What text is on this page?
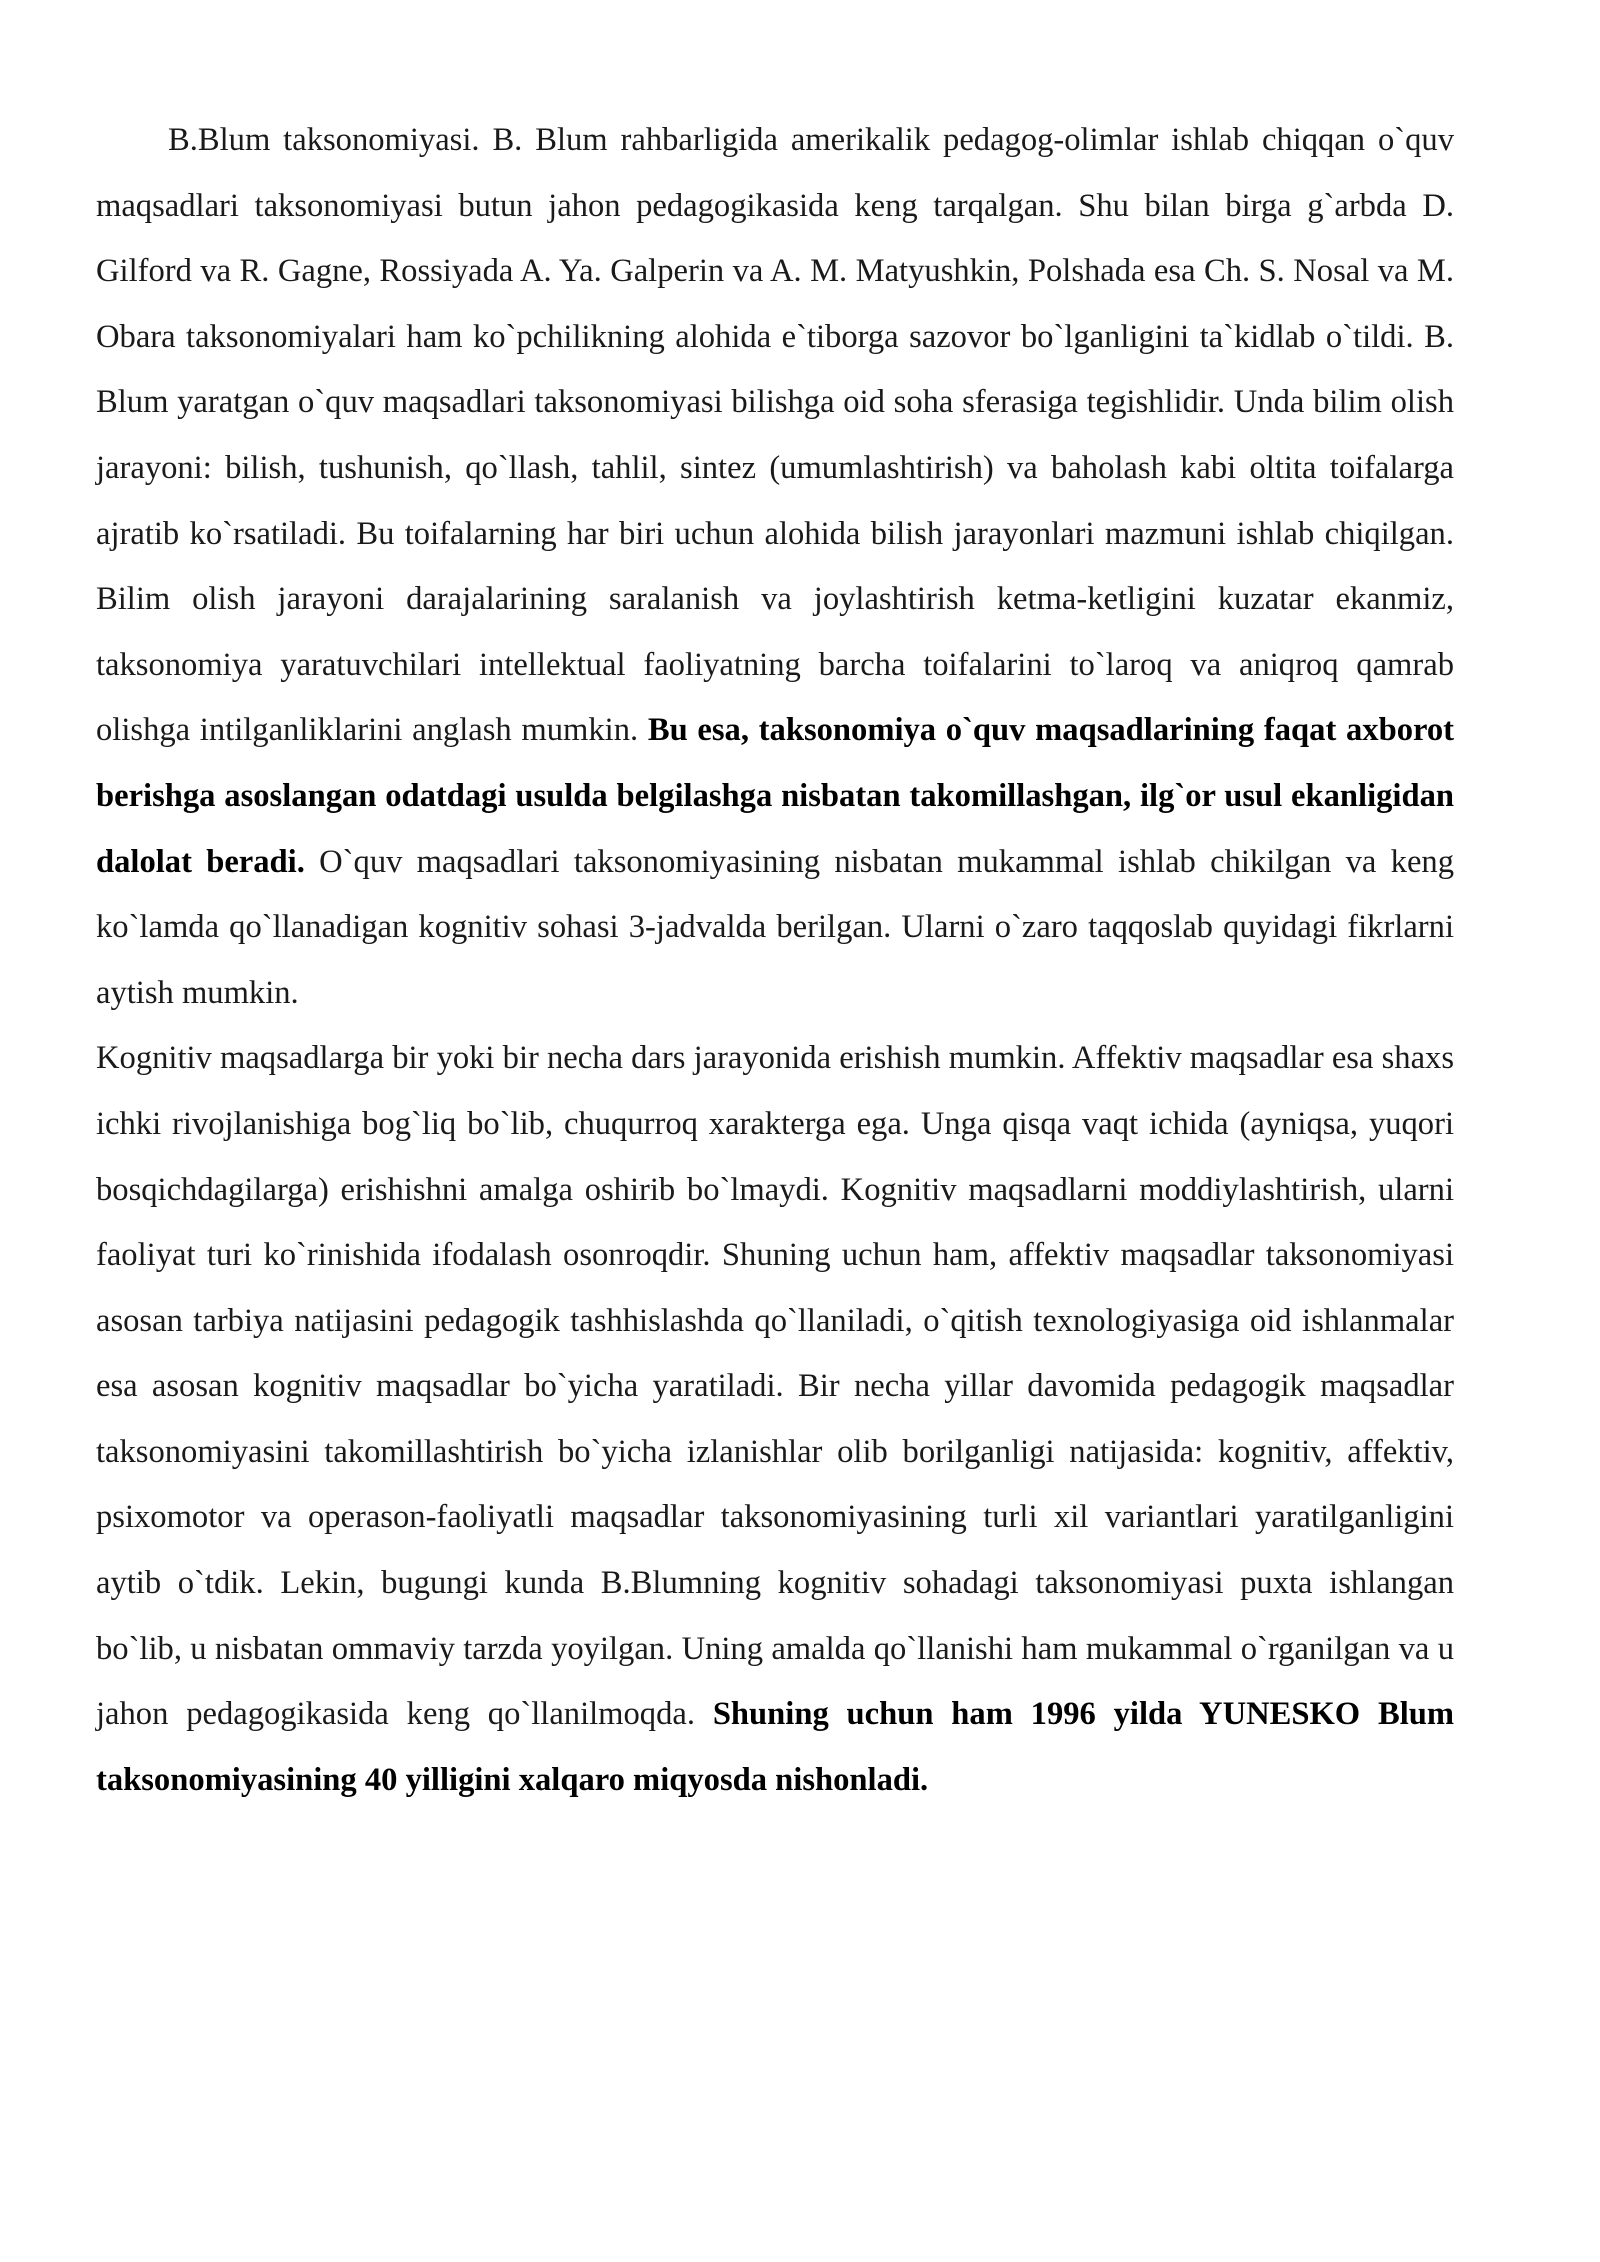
B.Blum taksonomiyasi. B. Blum rahbarligida amerikalik pedagog-olimlar ishlab chiqqan o`quv maqsadlari taksonomiyasi butun jahon pedagogikasida keng tarqalgan. Shu bilan birga g`arbda D. Gilford va R. Gagne, Rossiyada A. Ya. Galperin va A. M. Matyushkin, Polshada esa Ch. S. Nosal va M. Obara taksonomiyalari ham ko`pchilikning alohida e`tiborga sazovor bo`lganligini ta`kidlab o`tildi. B. Blum yaratgan o`quv maqsadlari taksonomiyasi bilishga oid soha sferasiga tegishlidir. Unda bilim olish jarayoni: bilish, tushunish, qo`llash, tahlil, sintez (umumlashtirish) va baholash kabi oltita toifalarga ajratib ko`rsatiladi. Bu toifalarning har biri uchun alohida bilish jarayonlari mazmuni ishlab chiqilgan. Bilim olish jarayoni darajalarining saralanish va joylashtirish ketma-ketligini kuzatar ekanmiz, taksonomiya yaratuvchilari intellektual faoliyatning barcha toifalarini to`laroq va aniqroq qamrab olishga intilganliklarini anglash mumkin. Bu esa, taksonomiya o`quv maqsadlarining faqat axborot berishga asoslangan odatdagi usulda belgilashga nisbatan takomillashgan, ilg`or usul ekanligidan dalolat beradi. O`quv maqsadlari taksonomiyasining nisbatan mukammal ishlab chikilgan va keng ko`lamda qo`llanadigan kognitiv sohasi 3-jadvalda berilgan. Ularni o`zaro taqqoslab quyidagi fikrlarni aytish mumkin.

Kognitiv maqsadlarga bir yoki bir necha dars jarayonida erishish mumkin. Affektiv maqsadlar esa shaxs ichki rivojlanishiga bog`liq bo`lib, chuqurroq xarakterga ega. Unga qisqa vaqt ichida (ayniqsa, yuqori bosqichdagilarga) erishishni amalga oshirib bo`lmaydi. Kognitiv maqsadlarni moddiylashtirish, ularni faoliyat turi ko`rinishida ifodalash osonroqdir. Shuning uchun ham, affektiv maqsadlar taksonomiyasi asosan tarbiya natijasini pedagogik tashhislashda qo`llaniladi, o`qitish texnologiyasiga oid ishlanmalar esa asosan kognitiv maqsadlar bo`yicha yaratiladi. Bir necha yillar davomida pedagogik maqsadlar taksonomiyasini takomillashtirish bo`yicha izlanishlar olib borilganligi natijasida: kognitiv, affektiv, psixomotor va operason-faoliyatli maqsadlar taksonomiyasining turli xil variantlari yaratilganligini aytib o`tdik. Lekin, bugungi kunda B.Blumning kognitiv sohadagi taksonomiyasi puxta ishlangan bo`lib, u nisbatan ommaviy tarzda yoyilgan. Uning amalda qo`llanishi ham mukammal o`rganilgan va u jahon pedagogikasida keng qo`llanilmoqda. Shuning uchun ham 1996 yilda YUNESKO Blum taksonomiyasining 40 yilligini xalqaro miqyosda nishonladi.
